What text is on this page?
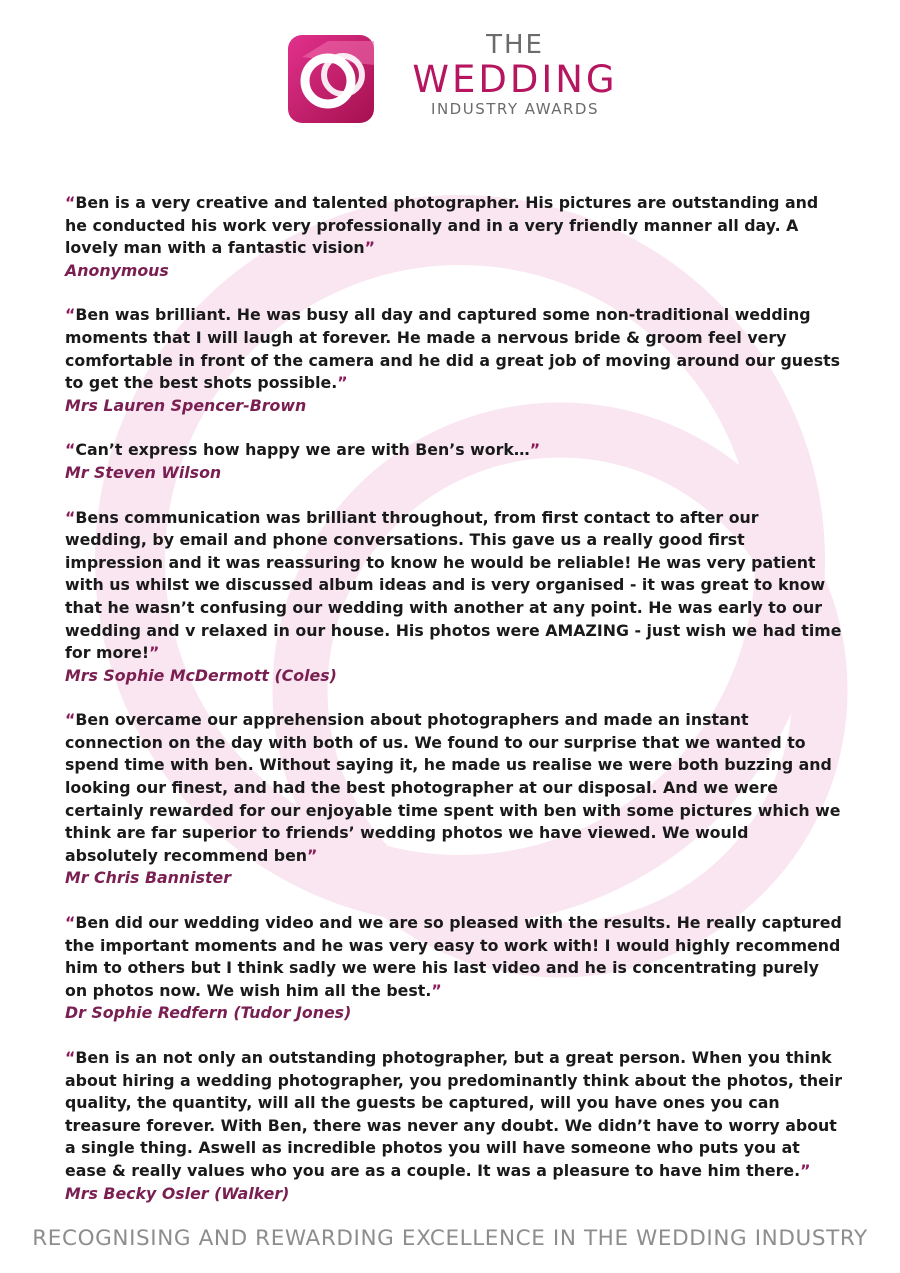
THE
WEDDING
INDUSTRY AWARDS

“Ben is a very creative and talented photographer. His pictures are outstanding and he conducted his work very professionally and in a very friendly manner all day. A lovely man with a fantastic vision”

Anonymous

“Ben was brilliant. He was busy all day and captured some non-traditional wedding moments that I will laugh at forever. He made a nervous bride & groom feel very comfortable in front of the camera and he did a great job of moving around our guests to get the best shots possible.”

Mrs Lauren Spencer-Brown

“Can’t express how happy we are with Ben’s work…”

Mr Steven Wilson

“Bens communication was brilliant throughout, from first contact to after our wedding, by email and phone conversations. This gave us a really good first impression and it was reassuring to know he would be reliable! He was very patient with us whilst we discussed album ideas and is very organised - it was great to know that he wasn’t confusing our wedding with another at any point. He was early to our wedding and v relaxed in our house. His photos were AMAZING - just wish we had time for more!”

Mrs Sophie McDermott (Coles)

“Ben overcame our apprehension about photographers and made an instant connection on the day with both of us. We found to our surprise that we wanted to spend time with ben. Without saying it, he made us realise we were both buzzing and looking our finest, and had the best photographer at our disposal. And we were certainly rewarded for our enjoyable time spent with ben with some pictures which we think are far superior to friends’ wedding photos we have viewed. We would absolutely recommend ben”

Mr Chris Bannister

“Ben did our wedding video and we are so pleased with the results. He really captured the important moments and he was very easy to work with! I would highly recommend him to others but I think sadly we were his last video and he is concentrating purely on photos now. We wish him all the best.”

Dr Sophie Redfern (Tudor Jones)

“Ben is an not only an outstanding photographer, but a great person. When you think about hiring a wedding photographer, you predominantly think about the photos, their quality, the quantity, will all the guests be captured, will you have ones you can treasure forever. With Ben, there was never any doubt. We didn’t have to worry about a single thing. Aswell as incredible photos you will have someone who puts you at ease & really values who you are as a couple. It was a pleasure to have him there.”

Mrs Becky Osler (Walker)

RECOGNISING AND REWARDING EXCELLENCE IN THE WEDDING INDUSTRY
